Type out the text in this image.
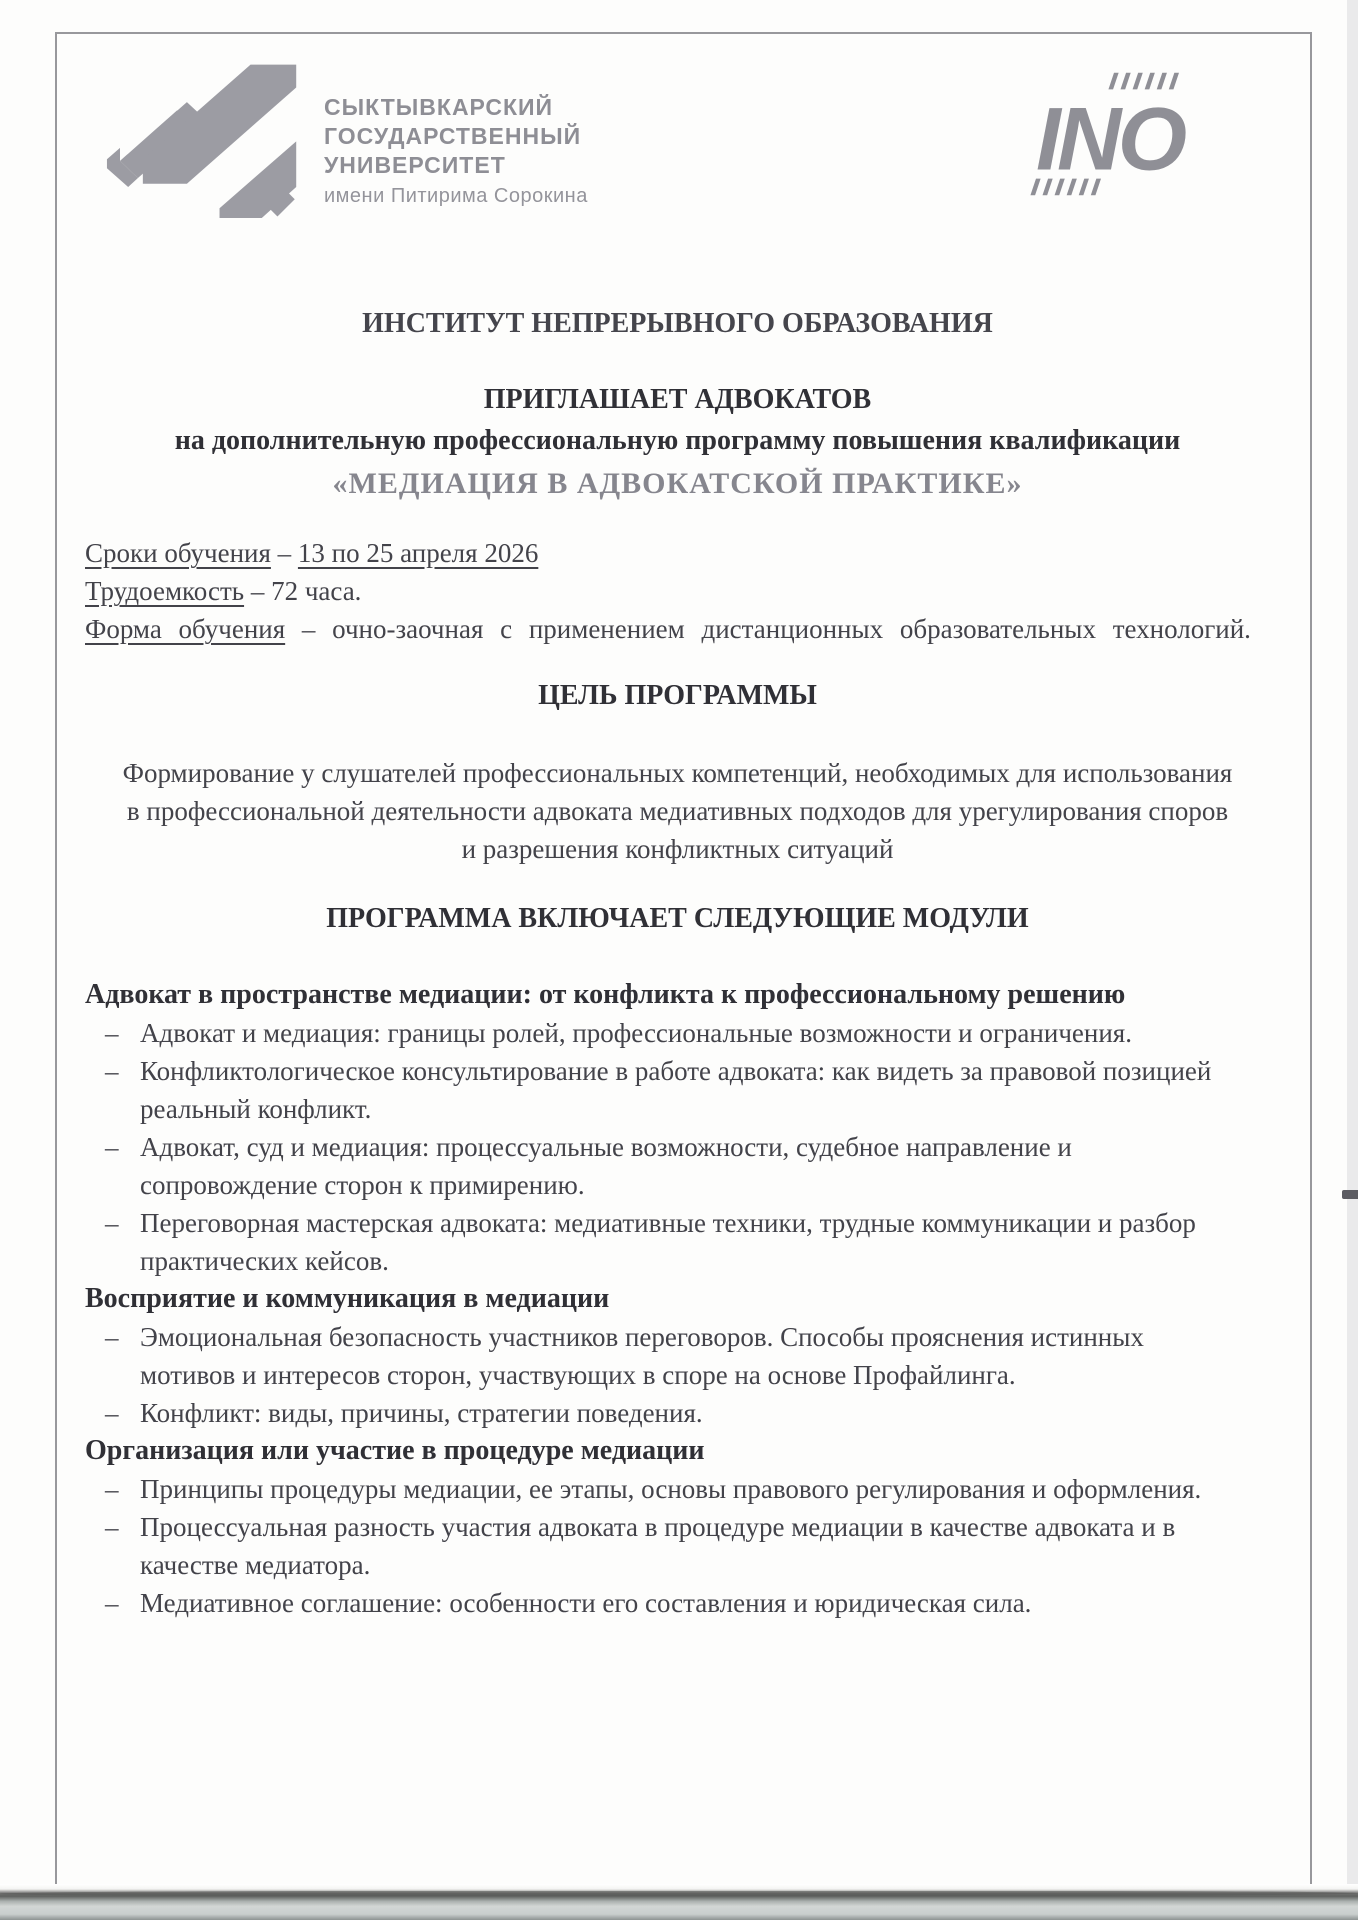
СЫКТЫВКАРСКИЙ
ГОСУДАРСТВЕННЫЙ
УНИВЕРСИТЕТ
имени Питирима Сорокина
INO
ИНСТИТУТ НЕПРЕРЫВНОГО ОБРАЗОВАНИЯ
ПРИГЛАШАЕТ АДВОКАТОВ
на дополнительную профессиональную программу повышения квалификации
«МЕДИАЦИЯ В АДВОКАТСКОЙ ПРАКТИКЕ»

Сроки обучения – 13 по 25 апреля 2026

Трудоемкость – 72 часа.

Форма обучения – очно-заочная с применением дистанционных образовательных технологий.

ЦЕЛЬ ПРОГРАММЫ

Формирование у слушателей профессиональных компетенций, необходимых для использования в профессиональной деятельности адвоката медиативных подходов для урегулирования споров и разрешения конфликтных ситуаций

ПРОГРАММА ВКЛЮЧАЕТ СЛЕДУЮЩИЕ МОДУЛИ
Адвокат в пространстве медиации: от конфликта к профессиональному решению
– Адвокат и медиация: границы ролей, профессиональные возможности и ограничения.
– Конфликтологическое консультирование в работе адвоката: как видеть за правовой позицией реальный конфликт.
– Адвокат, суд и медиация: процессуальные возможности, судебное направление и сопровождение сторон к примирению.
– Переговорная мастерская адвоката: медиативные техники, трудные коммуникации и разбор практических кейсов.
Восприятие и коммуникация в медиации
– Эмоциональная безопасность участников переговоров. Способы прояснения истинных мотивов и интересов сторон, участвующих в споре на основе Профайлинга.
– Конфликт: виды, причины, стратегии поведения.
Организация или участие в процедуре медиации
– Принципы процедуры медиации, ее этапы, основы правового регулирования и оформления.
– Процессуальная разность участия адвоката в процедуре медиации в качестве адвоката и в качестве медиатора.
– Медиативное соглашение: особенности его составления и юридическая сила.
